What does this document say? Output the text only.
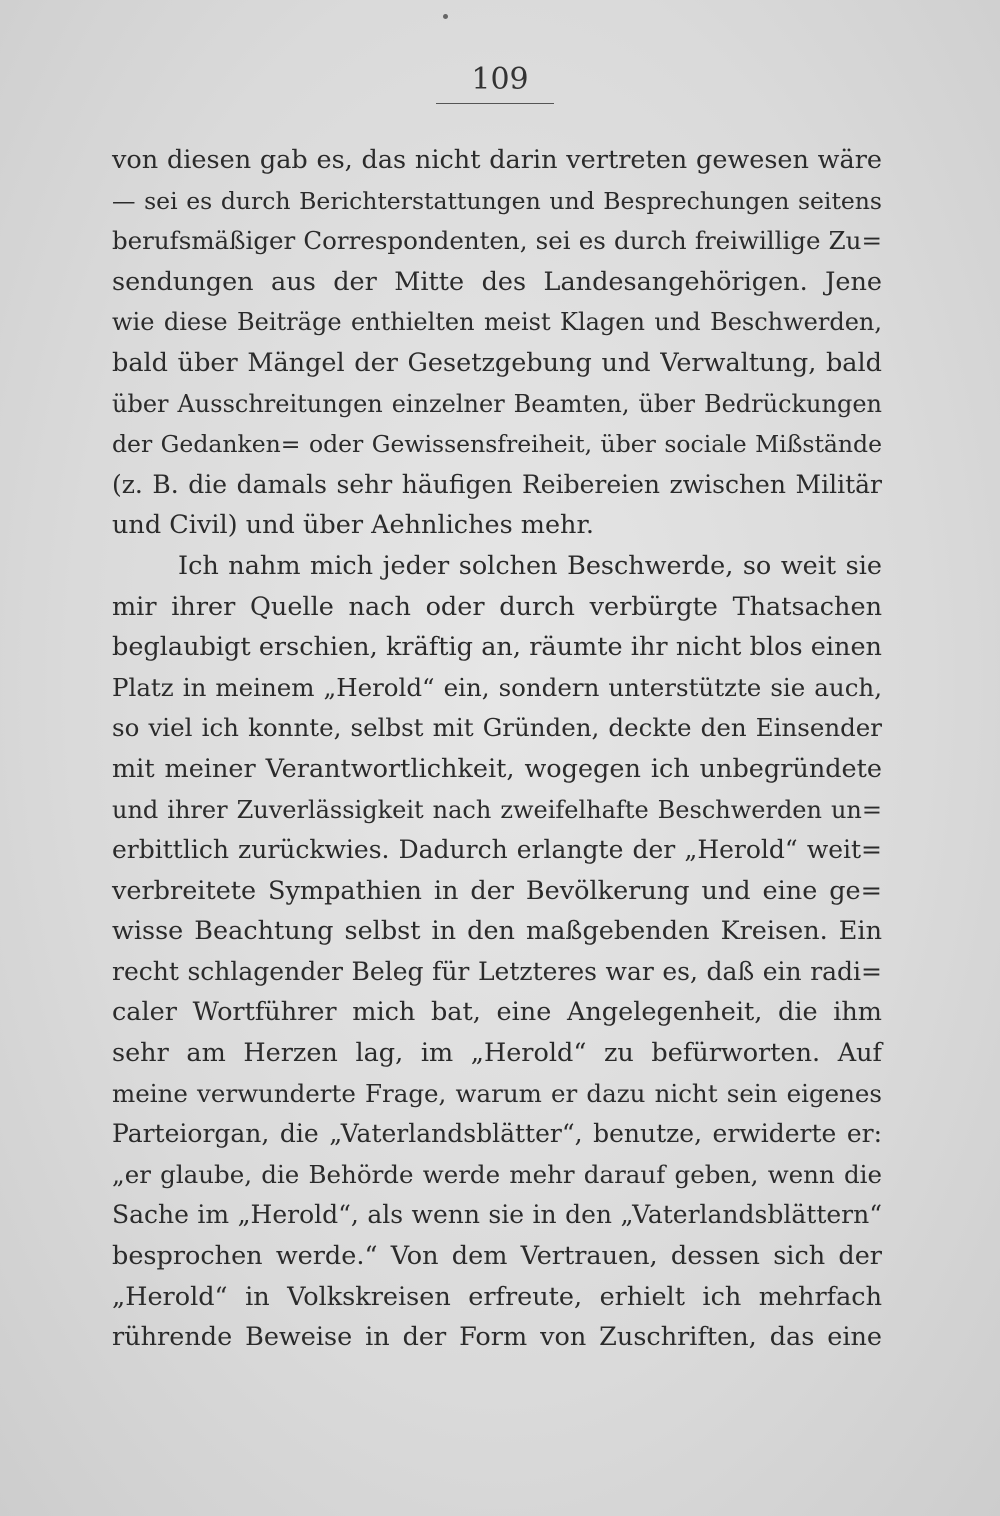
109
von diesen gab es, das nicht darin vertreten gewesen wäre
— sei es durch Berichterstattungen und Besprechungen seitens
berufsmäßiger Correspondenten, sei es durch freiwillige Zu=
sendungen aus der Mitte des Landesangehörigen. Jene
wie diese Beiträge enthielten meist Klagen und Beschwerden,
bald über Mängel der Gesetzgebung und Verwaltung, bald
über Ausschreitungen einzelner Beamten, über Bedrückungen
der Gedanken= oder Gewissensfreiheit, über sociale Mißstände
(z. B. die damals sehr häufigen Reibereien zwischen Militär
und Civil) und über Aehnliches mehr.
Ich nahm mich jeder solchen Beschwerde, so weit sie
mir ihrer Quelle nach oder durch verbürgte Thatsachen
beglaubigt erschien, kräftig an, räumte ihr nicht blos einen
Platz in meinem „Herold“ ein, sondern unterstützte sie auch,
so viel ich konnte, selbst mit Gründen, deckte den Einsender
mit meiner Verantwortlichkeit, wogegen ich unbegründete
und ihrer Zuverlässigkeit nach zweifelhafte Beschwerden un=
erbittlich zurückwies. Dadurch erlangte der „Herold“ weit=
verbreitete Sympathien in der Bevölkerung und eine ge=
wisse Beachtung selbst in den maßgebenden Kreisen. Ein
recht schlagender Beleg für Letzteres war es, daß ein radi=
caler Wortführer mich bat, eine Angelegenheit, die ihm
sehr am Herzen lag, im „Herold“ zu befürworten. Auf
meine verwunderte Frage, warum er dazu nicht sein eigenes
Parteiorgan, die „Vaterlandsblätter“, benutze, erwiderte er:
„er glaube, die Behörde werde mehr darauf geben, wenn die
Sache im „Herold“, als wenn sie in den „Vaterlandsblättern“
besprochen werde.“ Von dem Vertrauen, dessen sich der
„Herold“ in Volkskreisen erfreute, erhielt ich mehrfach
rührende Beweise in der Form von Zuschriften, das eine
